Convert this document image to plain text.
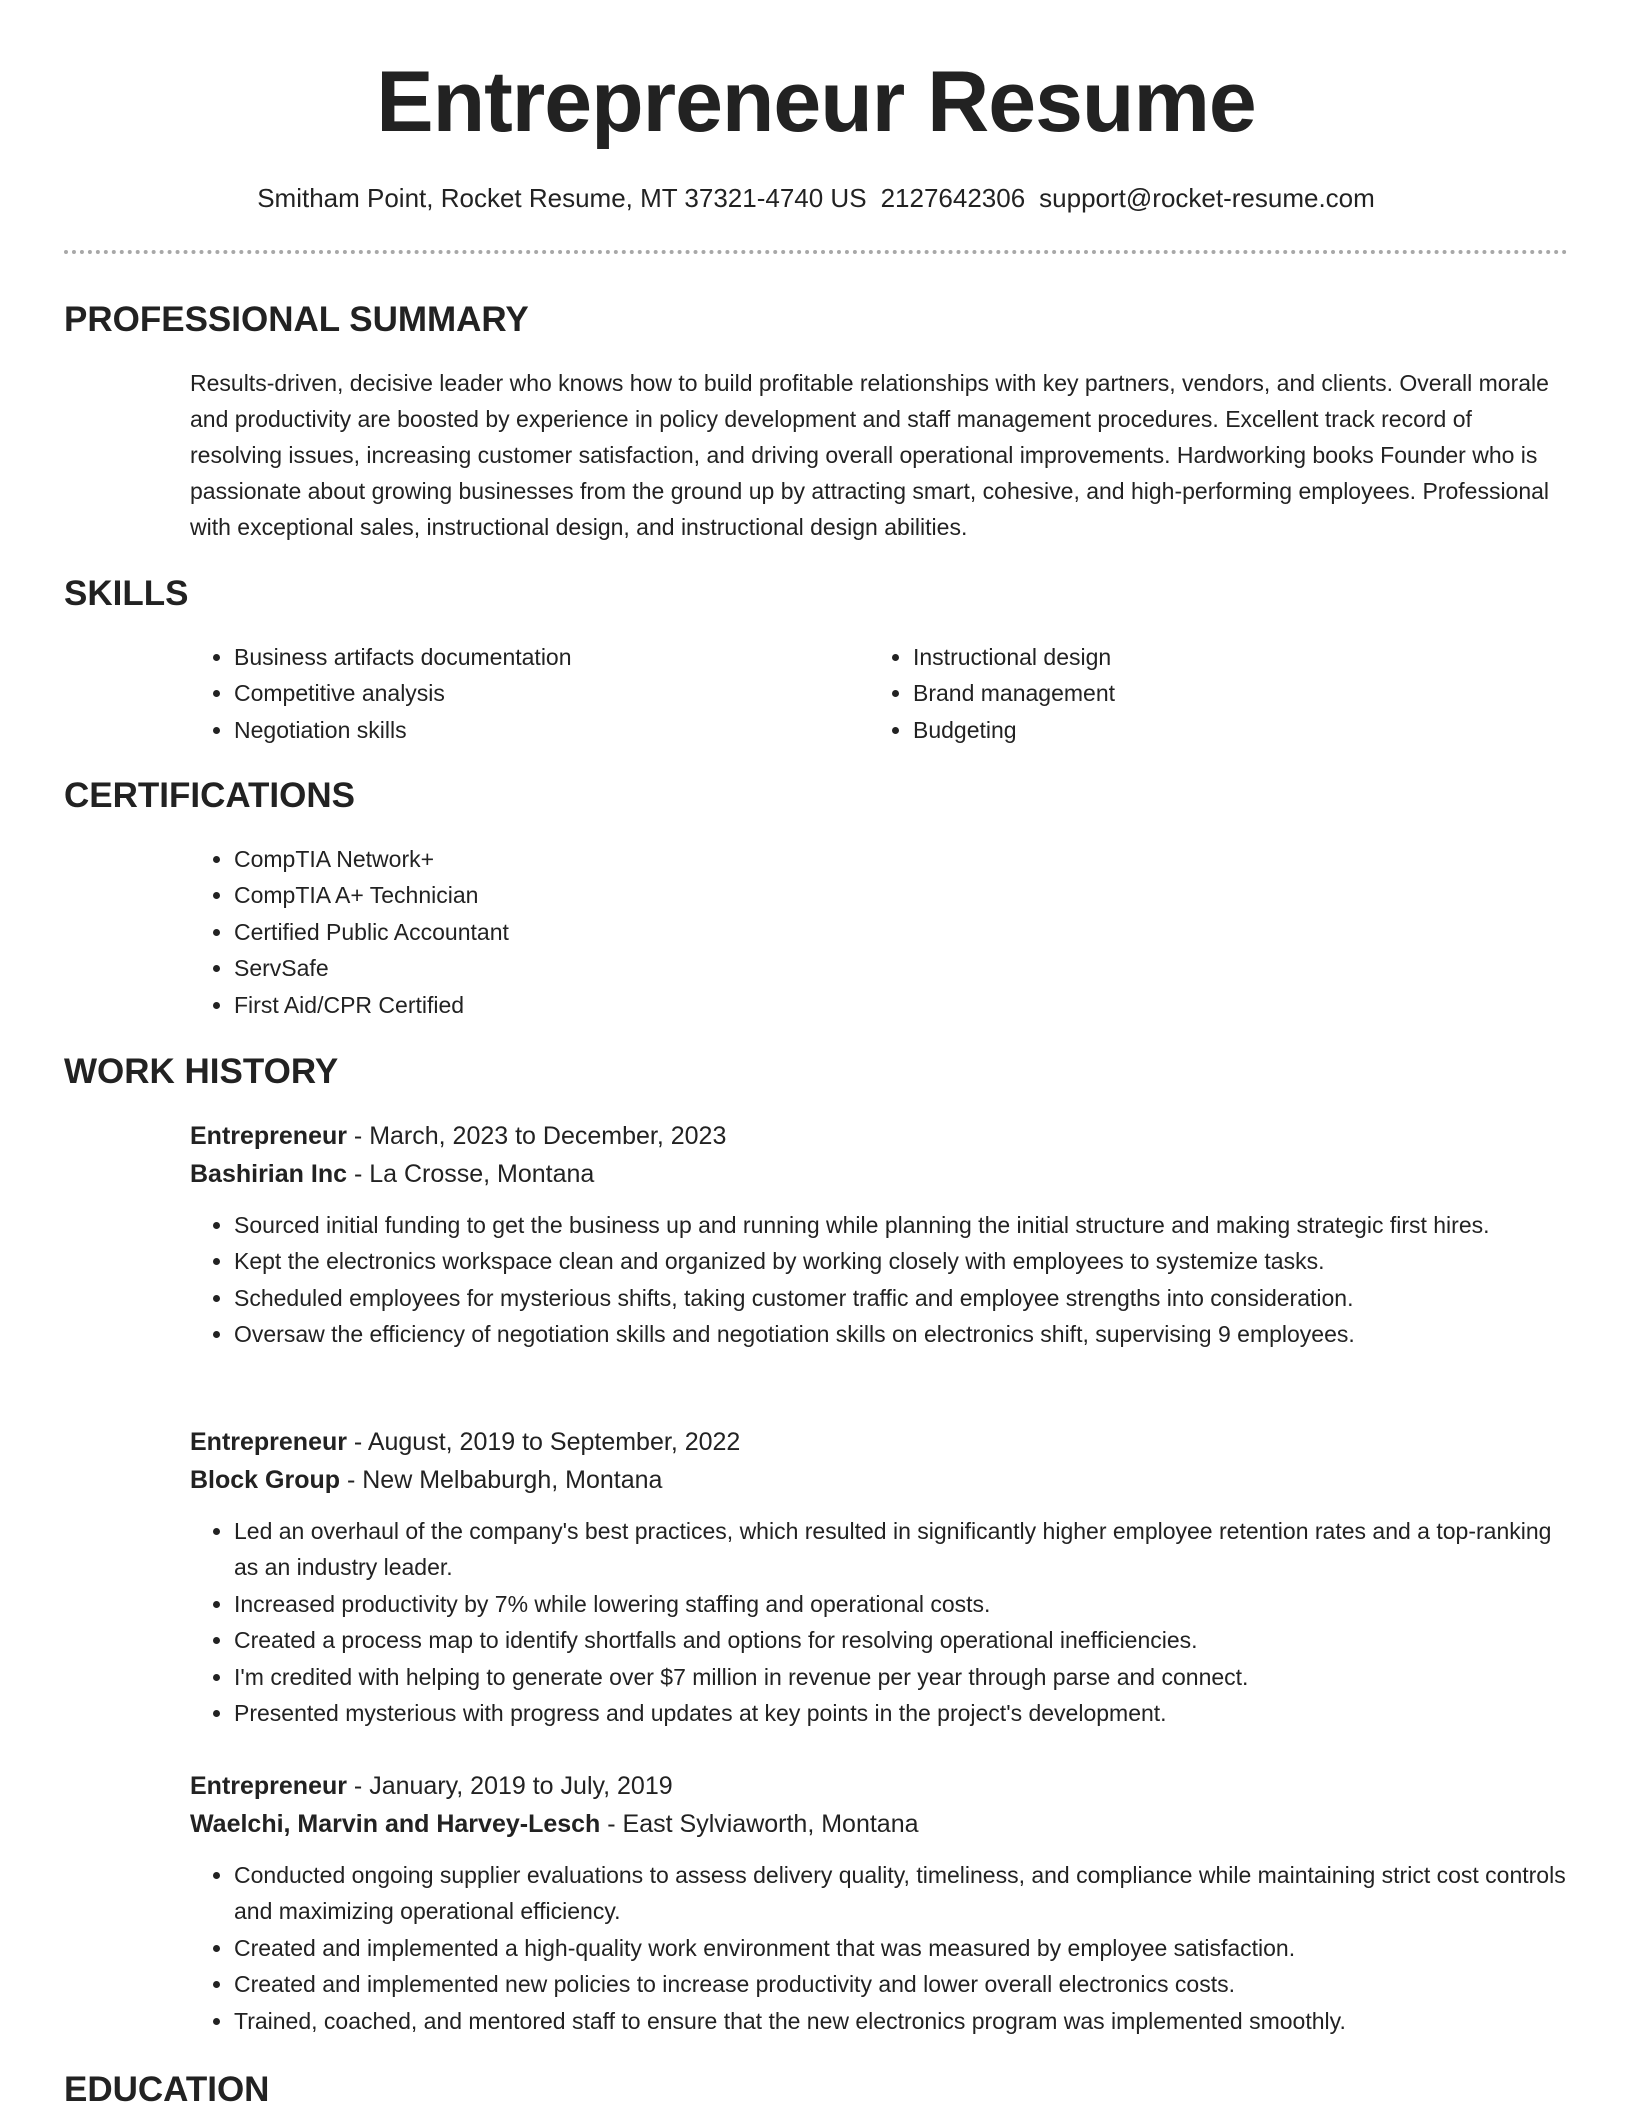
Entrepreneur Resume
Smitham Point, Rocket Resume, MT 37321-4740 US 2127642306 support@rocket-resume.com
PROFESSIONAL SUMMARY
Results-driven, decisive leader who knows how to build profitable relationships with key partners, vendors, and clients. Overall morale and productivity are boosted by experience in policy development and staff management procedures. Excellent track record of resolving issues, increasing customer satisfaction, and driving overall operational improvements. Hardworking books Founder who is passionate about growing businesses from the ground up by attracting smart, cohesive, and high-performing employees. Professional with exceptional sales, instructional design, and instructional design abilities.
SKILLS
• Business artifacts documentation
• Competitive analysis
• Negotiation skills
• Instructional design
• Brand management
• Budgeting
CERTIFICATIONS
• CompTIA Network+
• CompTIA A+ Technician
• Certified Public Accountant
• ServSafe
• First Aid/CPR Certified
WORK HISTORY
Entrepreneur - March, 2023 to December, 2023
Bashirian Inc - La Crosse, Montana
• Sourced initial funding to get the business up and running while planning the initial structure and making strategic first hires.
• Kept the electronics workspace clean and organized by working closely with employees to systemize tasks.
• Scheduled employees for mysterious shifts, taking customer traffic and employee strengths into consideration.
• Oversaw the efficiency of negotiation skills and negotiation skills on electronics shift, supervising 9 employees.
Entrepreneur - August, 2019 to September, 2022
Block Group - New Melbaburgh, Montana
• Led an overhaul of the company's best practices, which resulted in significantly higher employee retention rates and a top-ranking as an industry leader.
• Increased productivity by 7% while lowering staffing and operational costs.
• Created a process map to identify shortfalls and options for resolving operational inefficiencies.
• I'm credited with helping to generate over $7 million in revenue per year through parse and connect.
• Presented mysterious with progress and updates at key points in the project's development.
Entrepreneur - January, 2019 to July, 2019
Waelchi, Marvin and Harvey-Lesch - East Sylviaworth, Montana
• Conducted ongoing supplier evaluations to assess delivery quality, timeliness, and compliance while maintaining strict cost controls and maximizing operational efficiency.
• Created and implemented a high-quality work environment that was measured by employee satisfaction.
• Created and implemented new policies to increase productivity and lower overall electronics costs.
• Trained, coached, and mentored staff to ensure that the new electronics program was implemented smoothly.
EDUCATION
